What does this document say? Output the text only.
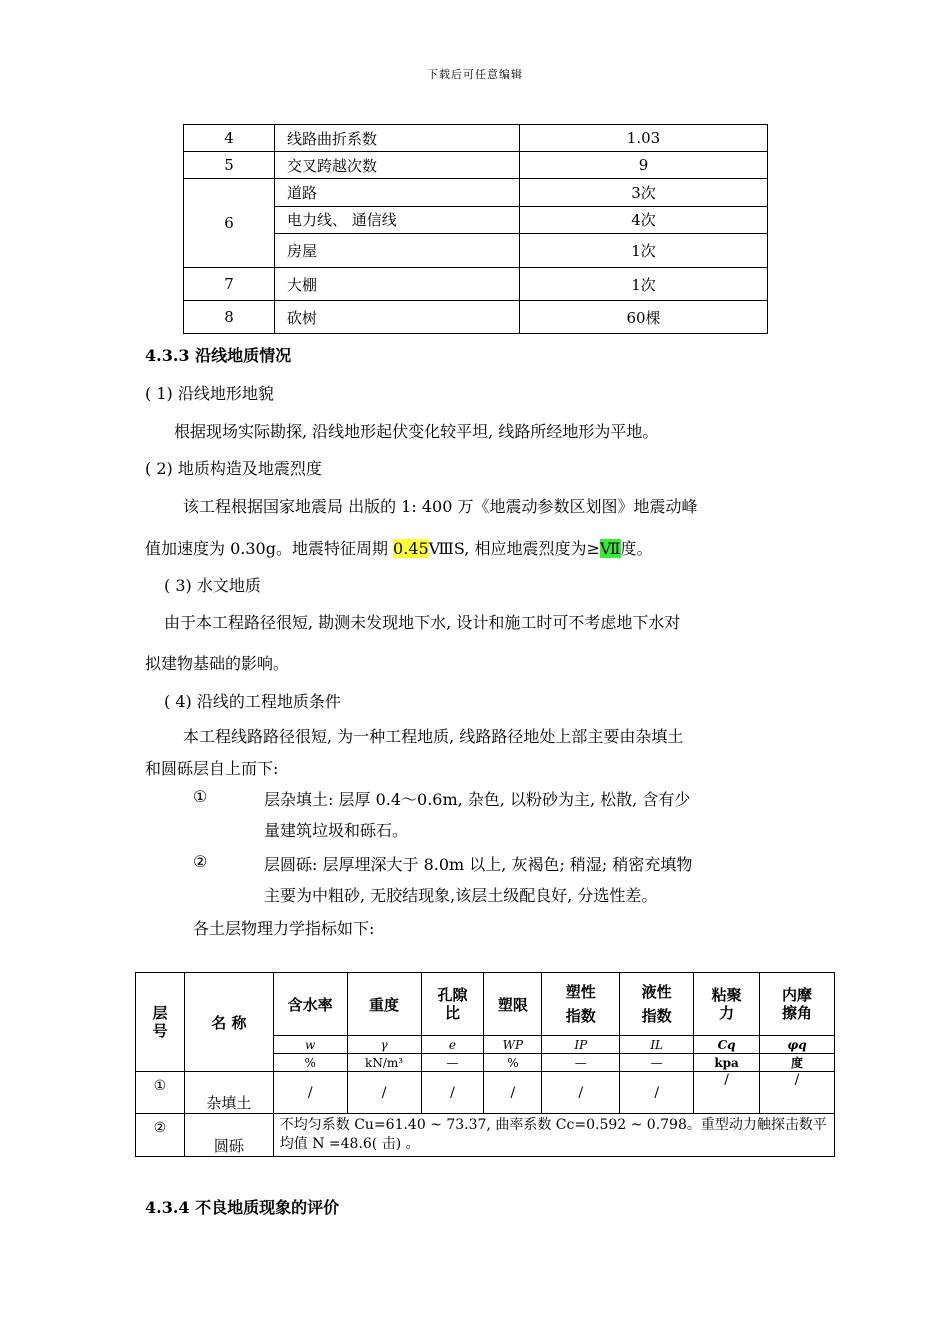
下载后可任意编辑
4	线路曲折系数	1.03
5	交叉跨越次数	9
6	道路	3次
	电力线、 通信线	4次
	房屋	1次
7	大棚	1次
8	砍树	60棵
4.3.3 沿线地质情况
( 1) 沿线地形地貌
根据现场实际勘探, 沿线地形起伏变化较平坦, 线路所经地形为平地。
( 2) 地质构造及地震烈度
该工程根据国家地震局 出版的 1: 400 万《地震动参数区划图》地震动峰
值加速度为 0.30g。地震特征周期 0.45ⅧS, 相应地震烈度为≥Ⅶ度。
( 3) 水文地质
由于本工程路径很短, 勘测未发现地下水, 设计和施工时可不考虑地下水对
拟建物基础的影响。
( 4) 沿线的工程地质条件
本工程线路路径很短, 为一种工程地质, 线路路径地处上部主要由杂填土
和圆砾层自上而下:
①	层杂填土: 层厚 0.4～0.6m, 杂色, 以粉砂为主, 松散, 含有少
量建筑垃圾和砾石。
②	层圆砾: 层厚埋深大于 8.0m 以上, 灰褐色; 稍湿; 稍密充填物
主要为中粗砂, 无胶结现象,该层土级配良好, 分选性差。
各土层物理力学指标如下:
层号	名 称	含水率	重度	孔隙比	塑限	塑性指数	液性指数	粘聚力	内摩擦角

		w	γ	e	WP	IP	IL	Cq	φq
		%	kN/m³	—	%	—	—	kpa	度
①	杂填土	/	/	/	/	/	/	/	/
②	圆砾	不均匀系数 Cu=61.40 ~ 73.37, 曲率系数 Cc=0.592 ~ 0.798。重型动力触探击数平均值 N =48.6( 击) 。							
4.3.4 不良地质现象的评价
